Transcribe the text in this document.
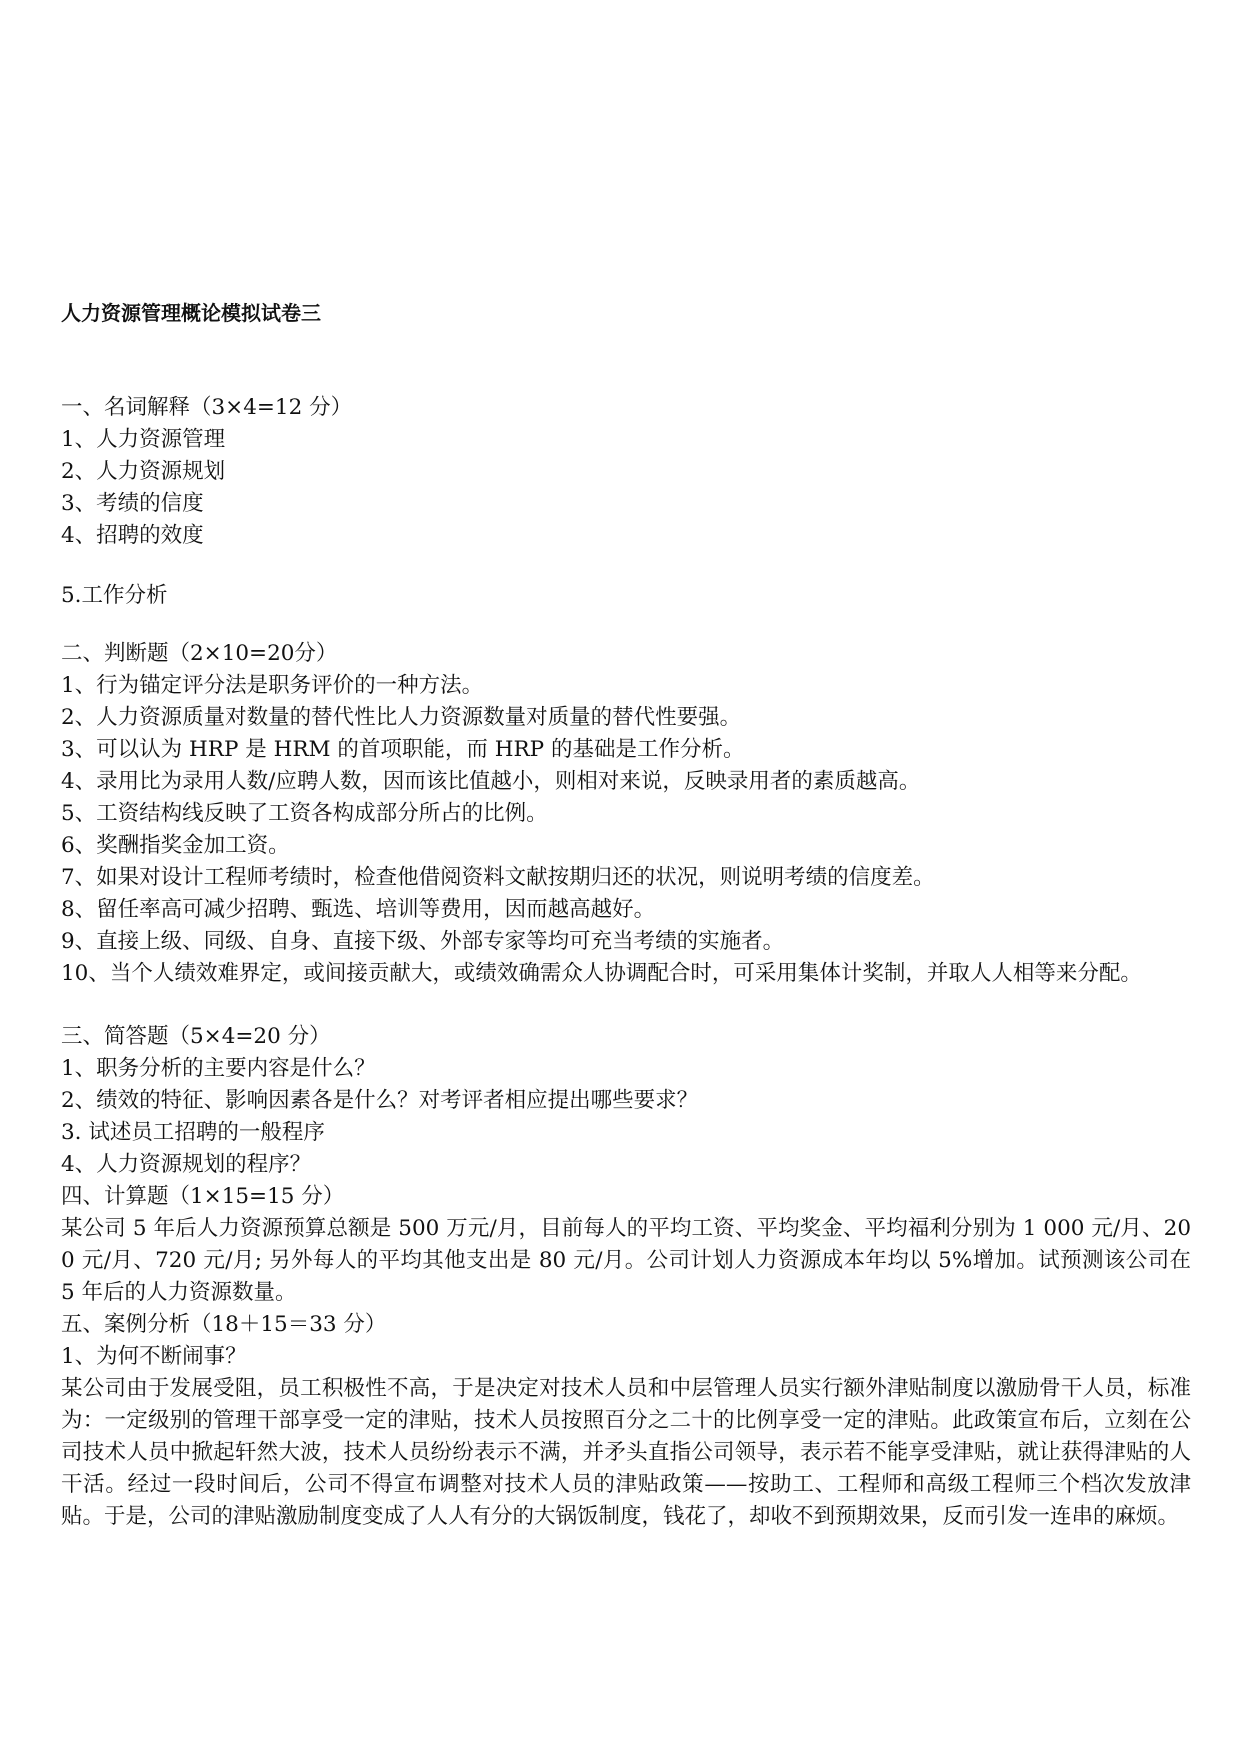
人力资源管理概论模拟试卷三
一、名词解释（3×4=12 分）
1、人力资源管理
2、人力资源规划
3、考绩的信度
4、招聘的效度
5.工作分析
二、判断题（2×10=20分）
1、行为锚定评分法是职务评价的一种方法。
2、人力资源质量对数量的替代性比人力资源数量对质量的替代性要强。
3、可以认为 HRP 是 HRM 的首项职能，而 HRP 的基础是工作分析。
4、录用比为录用人数/应聘人数，因而该比值越小，则相对来说，反映录用者的素质越高。
5、工资结构线反映了工资各构成部分所占的比例。
6、奖酬指奖金加工资。
7、如果对设计工程师考绩时，检查他借阅资料文献按期归还的状况，则说明考绩的信度差。
8、留任率高可减少招聘、甄选、培训等费用，因而越高越好。
9、直接上级、同级、自身、直接下级、外部专家等均可充当考绩的实施者。
10、当个人绩效难界定，或间接贡献大，或绩效确需众人协调配合时，可采用集体计奖制，并取人人相等来分配。
三、简答题（5×4=20 分）
1、职务分析的主要内容是什么？
2、绩效的特征、影响因素各是什么？对考评者相应提出哪些要求？
3. 试述员工招聘的一般程序
4、人力资源规划的程序？
四、计算题（1×15=15 分）
某公司 5 年后人力资源预算总额是 500 万元/月，目前每人的平均工资、平均奖金、平均福利分别为 1 000 元/月、200 元/月、720 元/月; 另外每人的平均其他支出是 80 元/月。公司计划人力资源成本年均以 5%增加。试预测该公司在 5 年后的人力资源数量。
五、案例分析（18＋15＝33 分）
1、为何不断闹事？
某公司由于发展受阻，员工积极性不高，于是决定对技术人员和中层管理人员实行额外津贴制度以激励骨干人员，标准为：一定级别的管理干部享受一定的津贴，技术人员按照百分之二十的比例享受一定的津贴。此政策宣布后，立刻在公司技术人员中掀起轩然大波，技术人员纷纷表示不满，并矛头直指公司领导，表示若不能享受津贴，就让获得津贴的人干活。经过一段时间后，公司不得宣布调整对技术人员的津贴政策——按助工、工程师和高级工程师三个档次发放津贴。于是，公司的津贴激励制度变成了人人有分的大锅饭制度，钱花了，却收不到预期效果，反而引发一连串的麻烦。
